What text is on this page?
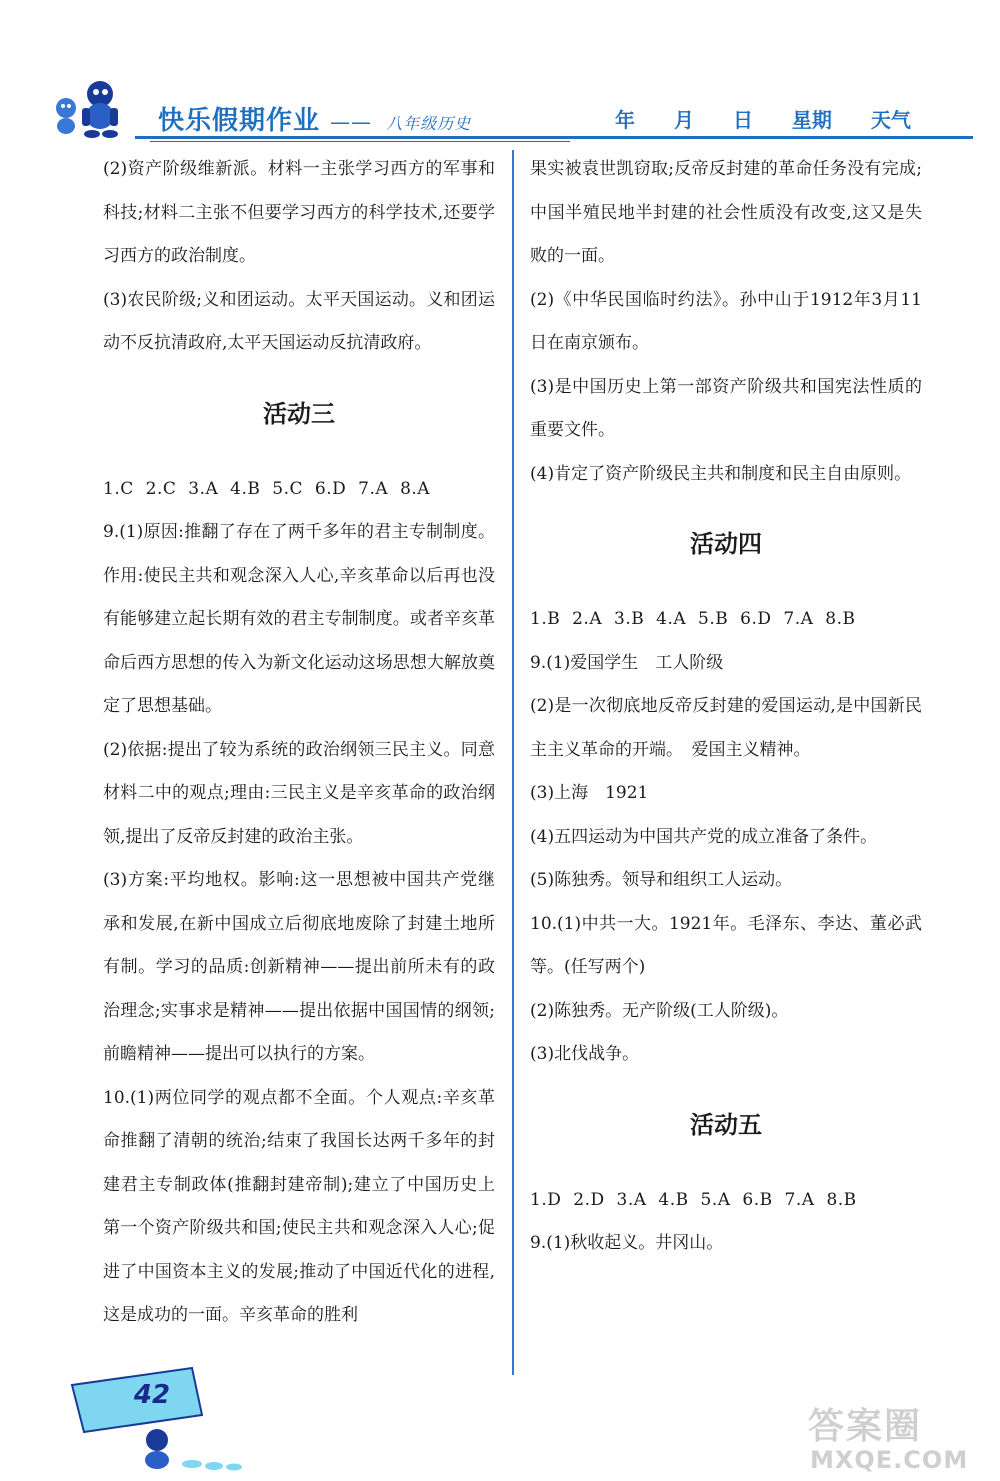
快乐假期作业 —— 八年级历史	年 月 日 星期 天气

(2)资产阶级维新派。材料一主张学习西方的军事和科技;材料二主张不但要学习西方的科学技术,还要学习西方的政治制度。

(3)农民阶级;义和团运动。太平天国运动。义和团运动不反抗清政府,太平天国运动反抗清政府。

活动三

1.C 2.C 3.A 4.B 5.C 6.D 7.A 8.A

9.(1)原因:推翻了存在了两千多年的君主专制制度。作用:使民主共和观念深入人心,辛亥革命以后再也没有能够建立起长期有效的君主专制制度。或者辛亥革命后西方思想的传入为新文化运动这场思想大解放奠定了思想基础。

(2)依据:提出了较为系统的政治纲领三民主义。同意材料二中的观点;理由:三民主义是辛亥革命的政治纲领,提出了反帝反封建的政治主张。

(3)方案:平均地权。影响:这一思想被中国共产党继承和发展,在新中国成立后彻底地废除了封建土地所有制。学习的品质:创新精神——提出前所未有的政治理念;实事求是精神——提出依据中国国情的纲领;前瞻精神——提出可以执行的方案。

10.(1)两位同学的观点都不全面。个人观点:辛亥革命推翻了清朝的统治;结束了我国长达两千多年的封建君主专制政体(推翻封建帝制);建立了中国历史上第一个资产阶级共和国;使民主共和观念深入人心;促进了中国资本主义的发展;推动了中国近代化的进程,这是成功的一面。辛亥革命的胜利

果实被袁世凯窃取;反帝反封建的革命任务没有完成;中国半殖民地半封建的社会性质没有改变,这又是失败的一面。

(2)《中华民国临时约法》。孙中山于1912年3月11日在南京颁布。

(3)是中国历史上第一部资产阶级共和国宪法性质的重要文件。

(4)肯定了资产阶级民主共和制度和民主自由原则。

活动四

1.B 2.A 3.B 4.A 5.B 6.D 7.A 8.B

9.(1)爱国学生　工人阶级

(2)是一次彻底地反帝反封建的爱国运动,是中国新民主主义革命的开端。　爱国主义精神。

(3)上海　1921

(4)五四运动为中国共产党的成立准备了条件。

(5)陈独秀。领导和组织工人运动。

10.(1)中共一大。1921年。毛泽东、李达、董必武等。(任写两个)

(2)陈独秀。无产阶级(工人阶级)。

(3)北伐战争。

活动五

1.D 2.D 3.A 4.B 5.A 6.B 7.A 8.B

9.(1)秋收起义。井冈山。

42
答案圈
MXQE.COM
